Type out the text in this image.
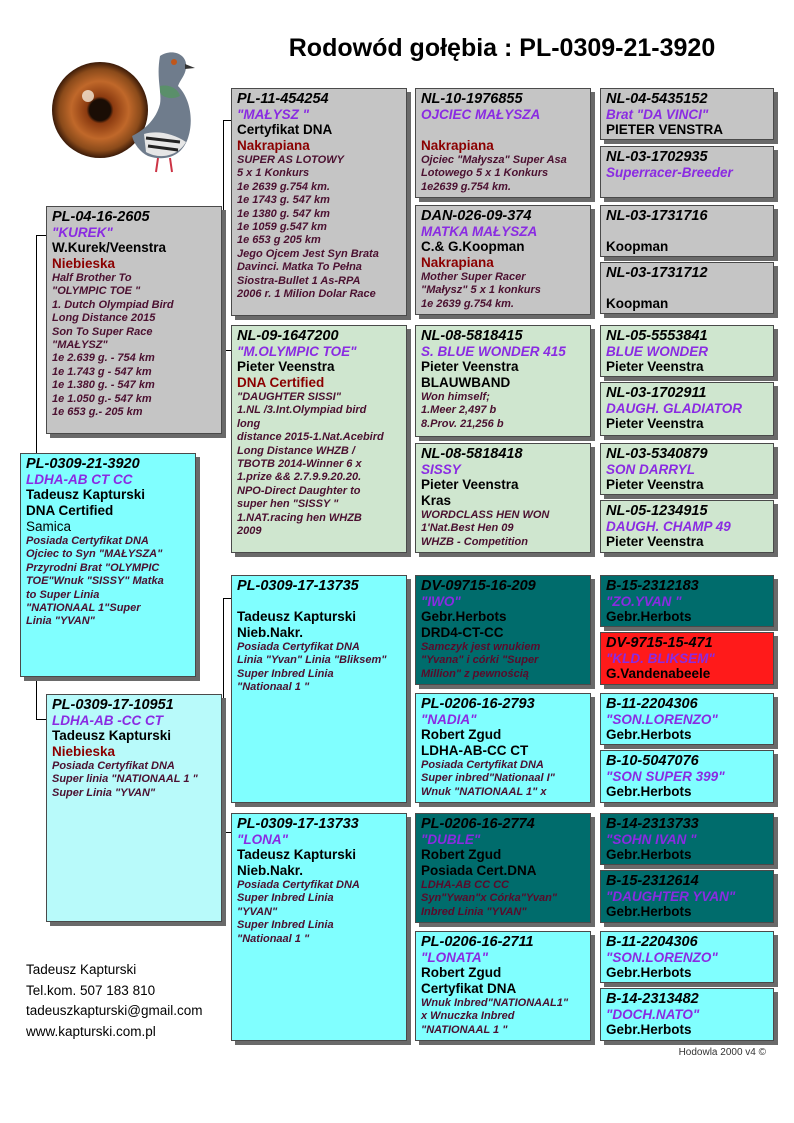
Rodowód gołębia : PL-0309-21-3920
PL-0309-21-3920
LDHA-AB CT CC
Tadeusz Kapturski
DNA Certified
Samica
Posiada Certyfikat DNA
Ojciec to Syn "MAŁYSZA"
Przyrodni Brat "OLYMPIC
TOE"Wnuk "SISSY" Matka
to Super Linia
"NATIONAAL 1"Super
Linia "YVAN"
PL-04-16-2605
"KUREK"
W.Kurek/Veenstra
Niebieska
Half Brother To
"OLYMPIC TOE "
1. Dutch Olympiad Bird
Long Distance 2015
Son To Super Race
"MAŁYSZ"
1e 2.639 g. - 754 km
1e 1.743 g - 547 km
1e 1.380 g. - 547 km
1e 1.050 g.- 547 km
1e 653 g.- 205 km
PL-0309-17-10951
LDHA-AB -CC CT
Tadeusz Kapturski
Niebieska
Posiada Certyfikat DNA
Super linia "NATIONAAL 1 "
Super Linia "YVAN"
PL-11-454254
"MAŁYSZ "
Certyfikat DNA
Nakrapiana
SUPER AS LOTOWY
5 x 1 Konkurs
1e 2639 g.754 km.
1e 1743 g. 547 km
1e 1380 g. 547 km
1e 1059 g.547 km
1e 653 g 205 km
Jego Ojcem Jest Syn Brata
Davinci. Matka To Pełna
Siostra-Bullet 1 As-RPA
2006 r. 1 Milion Dolar Race
NL-09-1647200
"M.OLYMPIC TOE"
Pieter Veenstra
DNA Certified
"DAUGHTER SISSI"
1.NL /3.Int.Olympiad bird
long
distance 2015-1.Nat.Acebird
Long Distance WHZB /
TBOTB 2014-Winner 6 x
1.prize && 2.7.9.9.20.20.
NPO-Direct Daughter to
super hen "SISSY "
1.NAT.racing hen WHZB
2009
PL-0309-17-13735
Tadeusz Kapturski
Nieb.Nakr.
Posiada Certyfikat DNA
Linia "Yvan" Linia "Bliksem"
Super Inbred Linia
"Nationaal 1 "
PL-0309-17-13733
"LONA"
Tadeusz Kapturski
Nieb.Nakr.
Posiada Certyfikat DNA
Super Inbred Linia
"YVAN"
Super Inbred Linia
"Nationaal 1 "
NL-10-1976855
OJCIEC MAŁYSZA
Nakrapiana
Ojciec "Małysza" Super Asa
Lotowego 5 x 1 Konkurs
1e2639 g.754 km.
DAN-026-09-374
MATKA MAŁYSZA
C.& G.Koopman
Nakrapiana
Mother Super Racer
"Małysz" 5 x 1 konkurs
1e 2639 g.754 km.
NL-08-5818415
S. BLUE WONDER 415
Pieter Veenstra
BLAUWBAND
Won himself;
1.Meer 2,497 b
8.Prov. 21,256 b
NL-08-5818418
SISSY
Pieter Veenstra
Kras
WORDCLASS HEN WON
1'Nat.Best Hen 09
WHZB - Competition
DV-09715-16-209
"IWO"
Gebr.Herbots
DRD4-CT-CC
Samczyk jest wnukiem
"Yvana" i córki "Super
Million" z pewnością
PL-0206-16-2793
"NADIA"
Robert Zgud
LDHA-AB-CC CT
Posiada Certyfikat DNA
Super inbred"Nationaal I"
Wnuk "NATIONAAL 1" x
PL-0206-16-2774
"DUBLE"
Robert Zgud
Posiada Cert.DNA
LDHA-AB CC CC
Syn"Ywan"x Córka"Yvan"
Inbred Linia "YVAN"
PL-0206-16-2711
"LONATA"
Robert Zgud
Certyfikat DNA
Wnuk Inbred"NATIONAAL1"
x Wnuczka Inbred
"NATIONAAL 1 "
NL-04-5435152
Brat "DA VINCI"
PIETER VENSTRA
NL-03-1702935
Superracer-Breeder
NL-03-1731716
Koopman
NL-03-1731712
Koopman
NL-05-5553841
BLUE WONDER
Pieter Veenstra
NL-03-1702911
DAUGH. GLADIATOR
Pieter Veenstra
NL-03-5340879
SON DARRYL
Pieter Veenstra
NL-05-1234915
DAUGH. CHAMP 49
Pieter Veenstra
B-15-2312183
"ZO.YVAN "
Gebr.Herbots
DV-9715-15-471
"KLD. BLIKSEM"
G.Vandenabeele
B-11-2204306
"SON.LORENZO"
Gebr.Herbots
B-10-5047076
"SON SUPER 399"
Gebr.Herbots
B-14-2313733
"SOHN IVAN "
Gebr.Herbots
B-15-2312614
"DAUGHTER YVAN"
Gebr.Herbots
B-11-2204306
"SON.LORENZO"
Gebr.Herbots
B-14-2313482
"DOCH.NATO"
Gebr.Herbots
Tadeusz Kapturski
Tel.kom. 507 183 810
tadeuszkapturski@gmail.com
www.kapturski.com.pl
Hodowla 2000 v4 ©
